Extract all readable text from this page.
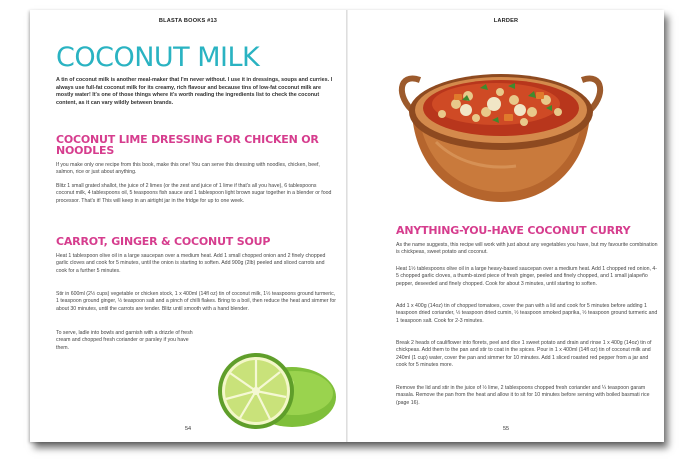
BLASTA BOOKS #13
COCONUT MILK

A tin of coconut milk is another meal-maker that I'm never without. I use it in dressings, soups and curries. I always use full-fat coconut milk for its creamy, rich flavour and because tins of low-fat coconut milk are mostly water! It's one of those things where it's worth reading the ingredients list to check the coconut content, as it can vary wildly between brands.

COCONUT LIME DRESSING FOR CHICKEN OR NOODLES

If you make only one recipe from this book, make this one! You can serve this dressing with noodles, chicken, beef, salmon, rice or just about anything.

Blitz 1 small grated shallot, the juice of 2 limes (or the zest and juice of 1 lime if that's all you have), 6 tablespoons coconut milk, 4 tablespoons oil, 5 teaspoons fish sauce and 1 tablespoon light brown sugar together in a blender or food processor. That's it! This will keep in an airtight jar in the fridge for up to one week.

CARROT, GINGER & COCONUT SOUP

Heat 1 tablespoon olive oil in a large saucepan over a medium heat. Add 1 small chopped onion and 2 finely chopped garlic cloves and cook for 5 minutes, until the onion is starting to soften. Add 900g (2lb) peeled and sliced carrots and cook for a further 5 minutes.

Stir in 600ml (2½ cups) vegetable or chicken stock, 1 x 400ml (14fl oz) tin of coconut milk, 1½ teaspoons ground turmeric, 1 teaspoon ground ginger, ½ teaspoon salt and a pinch of chilli flakes. Bring to a boil, then reduce the heat and simmer for about 30 minutes, until the carrots are tender. Blitz until smooth with a hand blender.

To serve, ladle into bowls and garnish with a drizzle of fresh cream and chopped fresh coriander or parsley if you have them.

54
LARDER
ANYTHING-YOU-HAVE COCONUT CURRY

As the name suggests, this recipe will work with just about any vegetables you have, but my favourite combination is chickpeas, sweet potato and coconut.

Heat 1½ tablespoons olive oil in a large heavy-based saucepan over a medium heat. Add 1 chopped red onion, 4-5 chopped garlic cloves, a thumb-sized piece of fresh ginger, peeled and finely chopped, and 1 small jalapeño pepper, deseeded and finely chopped. Cook for about 3 minutes, until starting to soften.

Add 1 x 400g (14oz) tin of chopped tomatoes, cover the pan with a lid and cook for 5 minutes before adding 1 teaspoon dried coriander, ½ teaspoon dried cumin, ½ teaspoon smoked paprika, ½ teaspoon ground turmeric and 1 teaspoon salt. Cook for 2-3 minutes.

Break 2 heads of cauliflower into florets, peel and dice 1 sweet potato and drain and rinse 1 x 400g (14oz) tin of chickpeas. Add them to the pan and stir to coat in the spices. Pour in 1 x 400ml (14fl oz) tin of coconut milk and 240ml (1 cup) water, cover the pan and simmer for 10 minutes. Add 1 sliced roasted red pepper from a jar and cook for 5 minutes more.

Remove the lid and stir in the juice of ½ lime, 2 tablespoons chopped fresh coriander and ¼ teaspoon garam masala. Remove the pan from the heat and allow it to sit for 10 minutes before serving with boiled basmati rice (page 16).

55
